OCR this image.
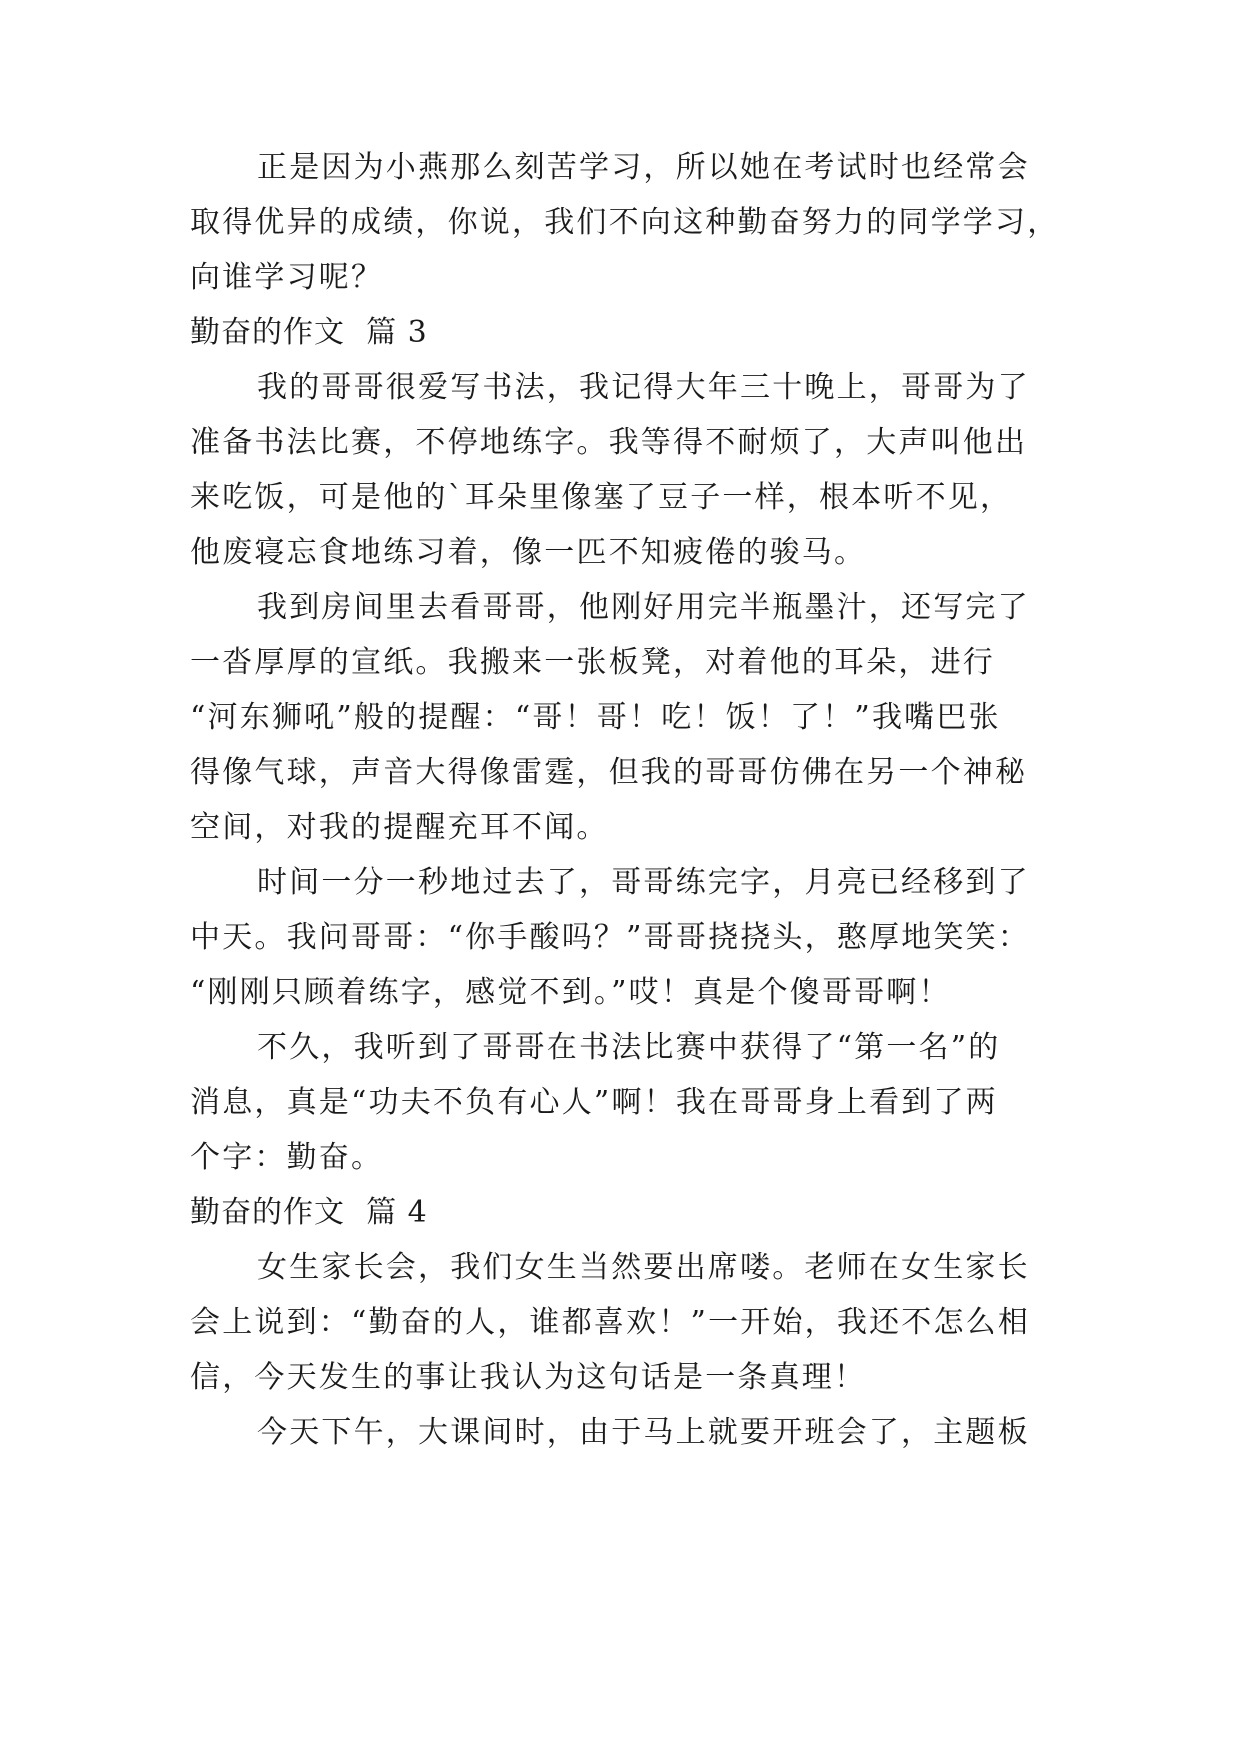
正是因为小燕那么刻苦学习，所以她在考试时也经常会
取得优异的成绩，你说，我们不向这种勤奋努力的同学学习，
向谁学习呢？
勤奋的作文  篇 3
我的哥哥很爱写书法，我记得大年三十晚上，哥哥为了
准备书法比赛，不停地练字。我等得不耐烦了，大声叫他出
来吃饭，可是他的`耳朵里像塞了豆子一样，根本听不见，
他废寝忘食地练习着，像一匹不知疲倦的骏马。
我到房间里去看哥哥，他刚好用完半瓶墨汁，还写完了
一沓厚厚的宣纸。我搬来一张板凳，对着他的耳朵，进行
“河东狮吼”般的提醒：“哥！哥！吃！饭！了！”我嘴巴张
得像气球，声音大得像雷霆，但我的哥哥仿佛在另一个神秘
空间，对我的提醒充耳不闻。
时间一分一秒地过去了，哥哥练完字，月亮已经移到了
中天。我问哥哥：“你手酸吗？”哥哥挠挠头，憨厚地笑笑：
“刚刚只顾着练字，感觉不到。”哎！真是个傻哥哥啊！
不久，我听到了哥哥在书法比赛中获得了“第一名”的
消息，真是“功夫不负有心人”啊！我在哥哥身上看到了两
个字：勤奋。
勤奋的作文  篇 4
女生家长会，我们女生当然要出席喽。老师在女生家长
会上说到：“勤奋的人，谁都喜欢！”一开始，我还不怎么相
信，今天发生的事让我认为这句话是一条真理！
今天下午，大课间时，由于马上就要开班会了，主题板
